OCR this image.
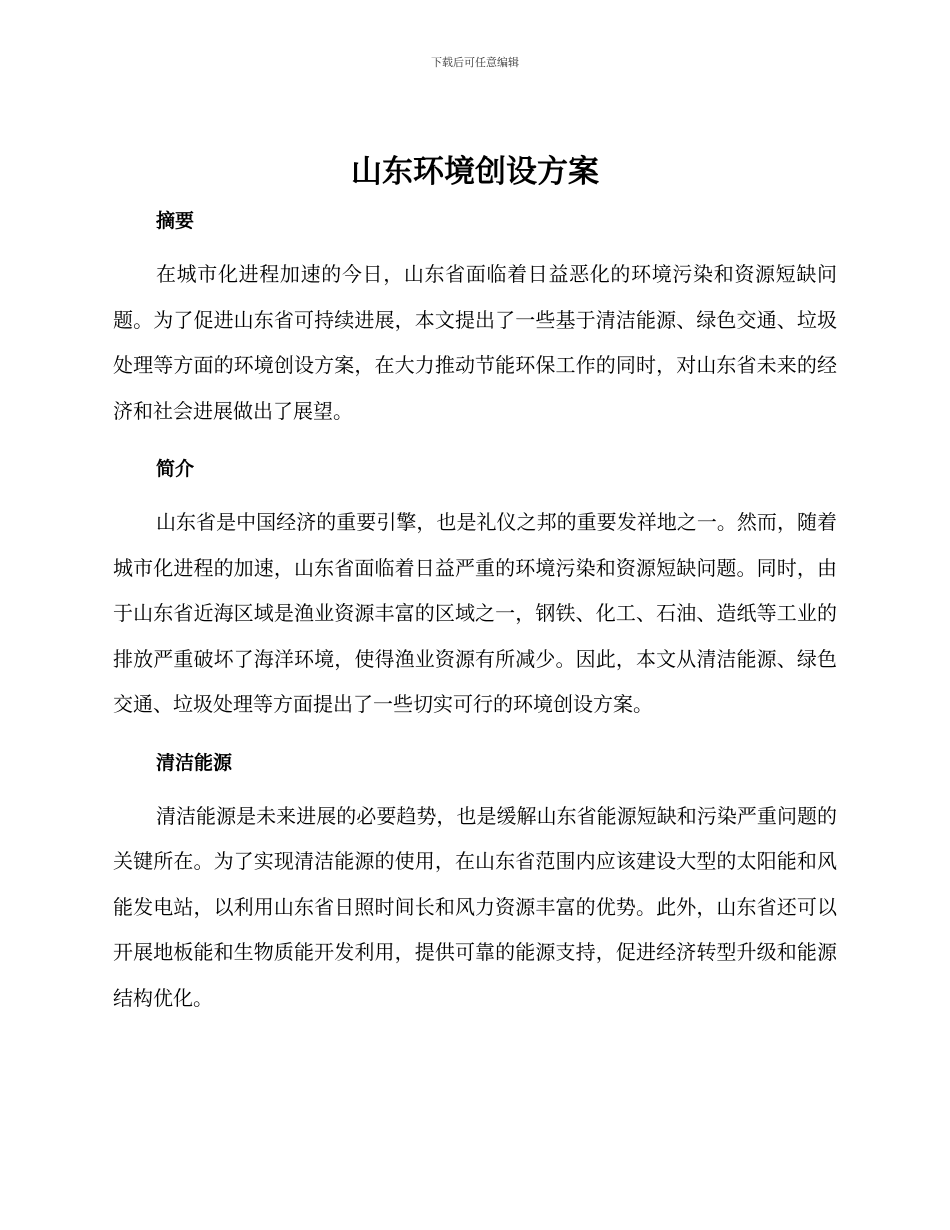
下载后可任意编辑
山东环境创设方案
摘要

在城市化进程加速的今日，山东省面临着日益恶化的环境污染和资源短缺问题。为了促进山东省可持续进展，本文提出了一些基于清洁能源、绿色交通、垃圾处理等方面的环境创设方案，在大力推动节能环保工作的同时，对山东省未来的经济和社会进展做出了展望。

简介

山东省是中国经济的重要引擎，也是礼仪之邦的重要发祥地之一。然而，随着城市化进程的加速，山东省面临着日益严重的环境污染和资源短缺问题。同时，由于山东省近海区域是渔业资源丰富的区域之一，钢铁、化工、石油、造纸等工业的排放严重破坏了海洋环境，使得渔业资源有所减少。因此，本文从清洁能源、绿色交通、垃圾处理等方面提出了一些切实可行的环境创设方案。

清洁能源

清洁能源是未来进展的必要趋势，也是缓解山东省能源短缺和污染严重问题的关键所在。为了实现清洁能源的使用，在山东省范围内应该建设大型的太阳能和风能发电站，以利用山东省日照时间长和风力资源丰富的优势。此外，山东省还可以开展地板能和生物质能开发利用，提供可靠的能源支持，促进经济转型升级和能源结构优化。
